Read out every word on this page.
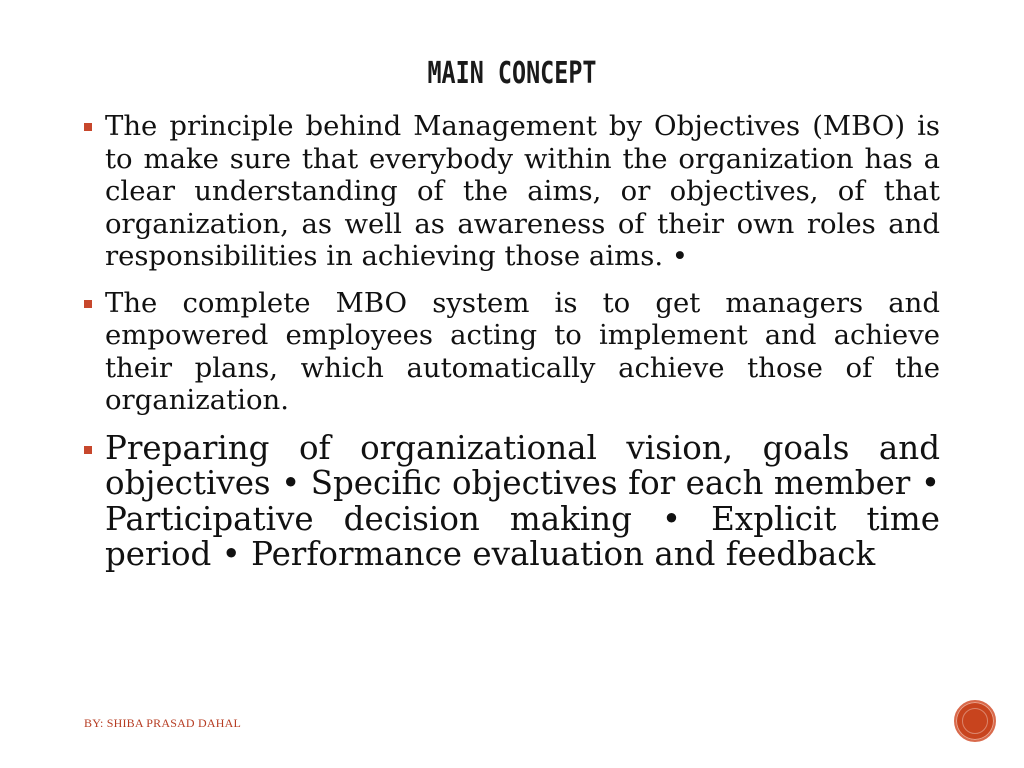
MAIN CONCEPT
The principle behind Management by Objectives (MBO) is to make sure that everybody within the organization has a clear understanding of the aims, or objectives, of that organization, as well as awareness of their own roles and responsibilities in achieving those aims. •
The complete MBO system is to get managers and empowered employees acting to implement and achieve their plans, which automatically achieve those of the organization.
Preparing of organizational vision, goals and objectives • Specific objectives for each member • Participative decision making • Explicit time period • Performance evaluation and feedback
BY: SHIBA PRASAD DAHAL
